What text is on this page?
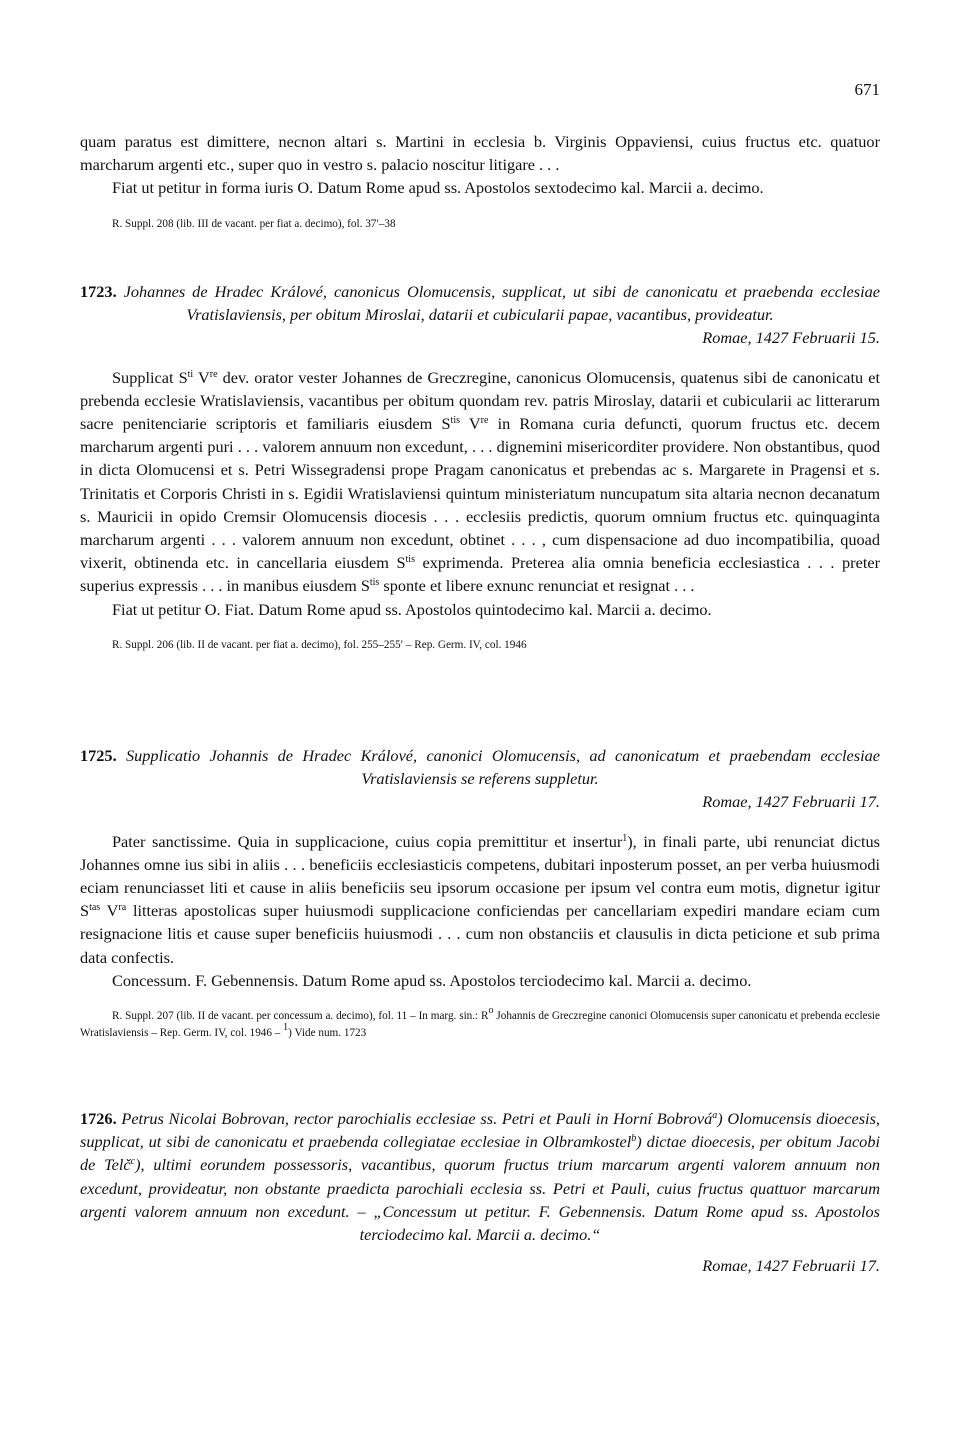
671

quam paratus est dimittere, necnon altari s. Martini in ecclesia b. Virginis Oppaviensi, cuius fructus etc. quatuor marcharum argenti etc., super quo in vestro s. palacio noscitur litigare . . .

Fiat ut petitur in forma iuris O. Datum Rome apud ss. Apostolos sextodecimo kal. Marcii a. decimo.

R. Suppl. 208 (lib. III de vacant. per fiat a. decimo), fol. 37′–38

1723. Johannes de Hradec Králové, canonicus Olomucensis, supplicat, ut sibi de canonicatu et praebenda ecclesiae Vratislaviensis, per obitum Miroslai, datarii et cubicularii papae, vacantibus, provideatur.

Romae, 1427 Februarii 15.

Supplicat $S^{ti}$ Vre dev. orator vester Johannes de Greczregine, canonicus Olomucensis, quatenus sibi de canonicatu et prebenda ecclesie Wratislaviensis, vacantibus per obitum quondam rev. patris Miroslay, datarii et cubicularii ac litterarum sacre penitenciarie scriptoris et familiaris eiusdem $S^{tis}$ Vre in Romana curia defuncti, quorum fructus etc. decem marcharum argenti puri . . . valorem annuum non excedunt, . . . dignemini misericorditer providere. Non obstantibus, quod in dicta Olomucensi et s. Petri Wissegradensi prope Pragam canonicatus et prebendas ac s. Margarete in Pragensi et s. Trinitatis et Corporis Christi in s. Egidii Wratislaviensi quintum ministeriatum nuncupatum sita altaria necnon decanatum s. Mauricii in opido Cremsir Olomucensis diocesis . . . ecclesiis predictis, quorum omnium fructus etc. quinquaginta marcharum argenti . . . valorem annuum non excedunt, obtinet . . . , cum dispensacione ad duo incompatibilia, quoad vixerit, obtinenda etc. in cancellaria eiusdem $S^{tis}$ exprimenda. Preterea alia omnia beneficia ecclesiastica . . . preter superius expressis . . . in manibus eiusdem $S^{tis}$ sponte et libere exnunc renunciat et resignat . . .

Fiat ut petitur O. Fiat. Datum Rome apud ss. Apostolos quintodecimo kal. Marcii a. decimo.

R. Suppl. 206 (lib. II de vacant. per fiat a. decimo), fol. 255–255′ – Rep. Germ. IV, col. 1946

1725. Supplicatio Johannis de Hradec Králové, canonici Olomucensis, ad canonicatum et praebendam ecclesiae Vratislaviensis se referens suppletur.

Romae, 1427 Februarii 17.

Pater sanctissime. Quia in supplicacione, cuius copia premittitur et insertur$^1$), in finali parte, ubi renunciat dictus Johannes omne ius sibi in aliis . . . beneficiis ecclesiasticis competens, dubitari inposterum posset, an per verba huiusmodi eciam renunciasset liti et cause in aliis beneficiis seu ipsorum occasione per ipsum vel contra eum motis, dignetur igitur $S^{tas}$ $V^{ra}$ litteras apostolicas super huiusmodi supplicacione conficiendas per cancellariam expediri mandare eciam cum resignacione litis et cause super beneficiis huiusmodi . . . cum non obstanciis et clausulis in dicta peticione et sub prima data confectis.

Concessum. F. Gebennensis. Datum Rome apud ss. Apostolos terciodecimo kal. Marcii a. decimo.

R. Suppl. 207 (lib. II de vacant. per concessum a. decimo), fol. 11 – In marg. sin.: $R^o$ Johannis de Greczregine canonici Olomucensis super canonicatu et prebenda ecclesie Wratislaviensis – Rep. Germ. IV, col. 1946 – $^1$) Vide num. 1723

1726. Petrus Nicolai Bobrovan, rector parochialis ecclesiae ss. Petri et Pauli in Horní Bobrová$^a$) Olomucensis dioecesis, supplicat, ut sibi de canonicatu et praebenda collegiatae ecclesiae in Olbramkostel$^b$) dictae dioecesis, per obitum Jacobi de Telč$^c$), ultimi eorundem possessoris, vacantibus, quorum fructus trium marcarum argenti valorem annuum non excedunt, provideatur, non obstante praedicta parochiali ecclesia ss. Petri et Pauli, cuius fructus quattuor marcarum argenti valorem annuum non excedunt. – „Concessum ut petitur. F. Gebennensis. Datum Rome apud ss. Apostolos terciodecimo kal. Marcii a. decimo.“

Romae, 1427 Februarii 17.
